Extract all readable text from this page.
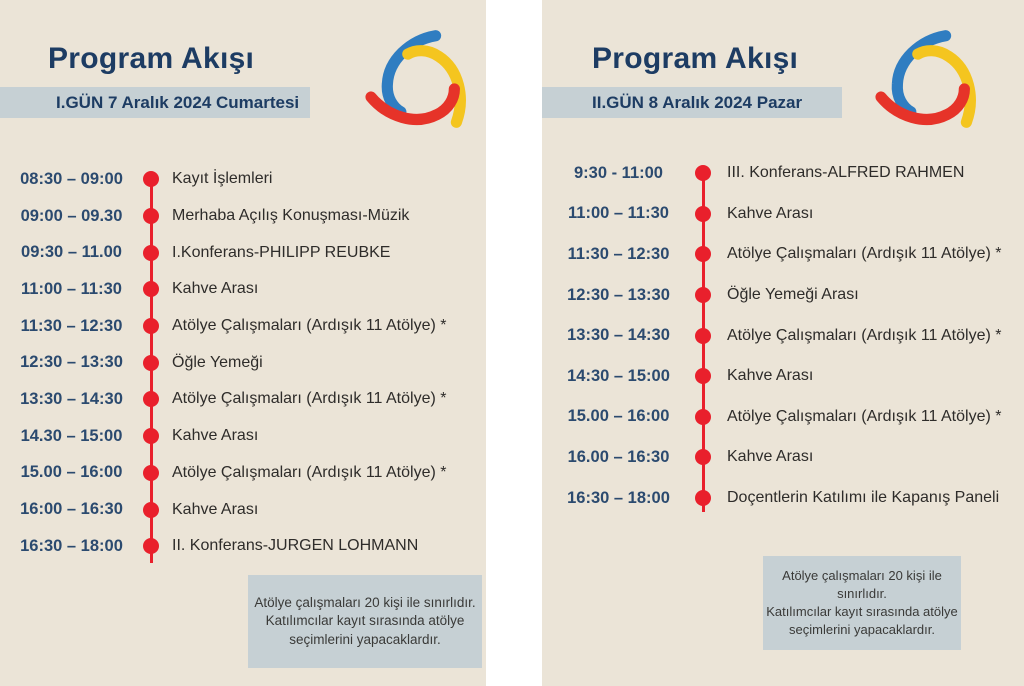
Program Akışı
I.GÜN 7 Aralık 2024 Cumartesi
08:30 – 09:00	Kayıt İşlemleri
09:00 – 09.30	Merhaba Açılış Konuşması-Müzik
09:30 – 11.00	I.Konferans-PHILIPP REUBKE
11:00 – 11:30	Kahve Arası
11:30 – 12:30	Atölye Çalışmaları (Ardışık 11 Atölye) *
12:30 – 13:30	Öğle Yemeği
13:30 – 14:30	Atölye Çalışmaları (Ardışık 11 Atölye) *
14.30 – 15:00	Kahve Arası
15.00 – 16:00	Atölye Çalışmaları (Ardışık 11 Atölye) *
16:00 – 16:30	Kahve Arası
16:30 – 18:00	II. Konferans-JURGEN LOHMANN
Atölye çalışmaları 20 kişi ile sınırlıdır.
Katılımcılar kayıt sırasında atölye
seçimlerini yapacaklardır.
Program Akışı
II.GÜN 8 Aralık 2024 Pazar
9:30 - 11:00	III. Konferans-ALFRED RAHMEN
11:00 – 11:30	Kahve Arası
11:30 – 12:30	Atölye Çalışmaları (Ardışık 11 Atölye) *
12:30 – 13:30	Öğle Yemeği Arası
13:30 – 14:30	Atölye Çalışmaları (Ardışık 11 Atölye) *
14:30 – 15:00	Kahve Arası
15.00 – 16:00	Atölye Çalışmaları (Ardışık 11 Atölye) *
16.00 – 16:30	Kahve Arası
16:30 – 18:00	Doçentlerin Katılımı ile Kapanış Paneli
Atölye çalışmaları 20 kişi ile sınırlıdır.
Katılımcılar kayıt sırasında atölye
seçimlerini yapacaklardır.
